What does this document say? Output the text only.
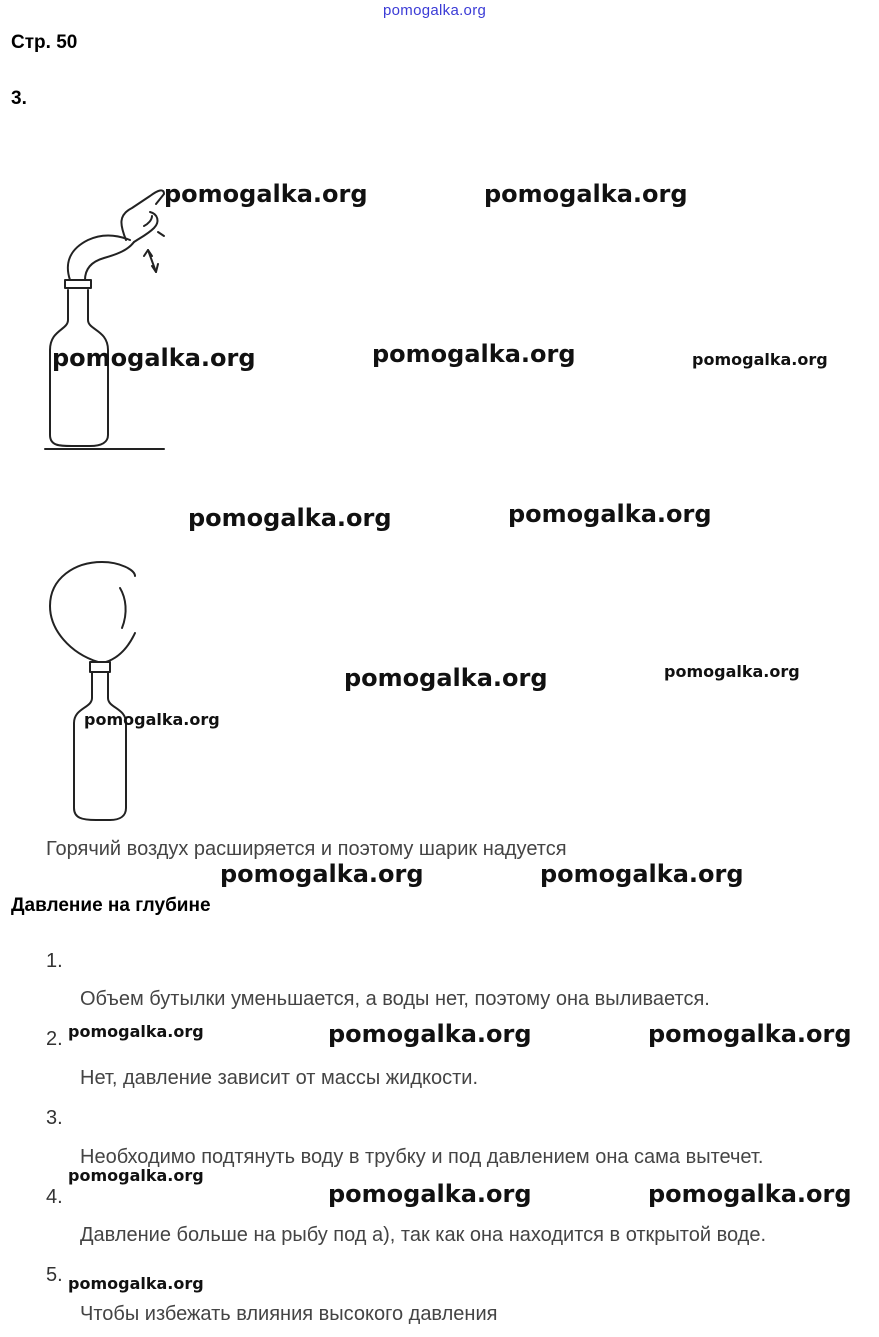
pomogalka.org
Стр. 50
3.
pomogalka.org	pomogalka.org
pomogalka.org	pomogalka.org	pomogalka.org
pomogalka.org	pomogalka.org
pomogalka.org	pomogalka.org
pomogalka.org
Горячий воздух расширяется и поэтому шарик надуется
pomogalka.org	pomogalka.org
Давление на глубине
1.
Объем бутылки уменьшается, а воды нет, поэтому она выливается.
2. pomogalka.org	pomogalka.org	pomogalka.org
Нет, давление зависит от массы жидкости.
3.
Необходимо подтянуть воду в трубку и под давлением она сама вытечет.
pomogalka.org
4.	pomogalka.org	pomogalka.org
Давление больше на рыбу под а), так как она находится в открытой воде.
5. pomogalka.org
Чтобы избежать влияния высокого давления
